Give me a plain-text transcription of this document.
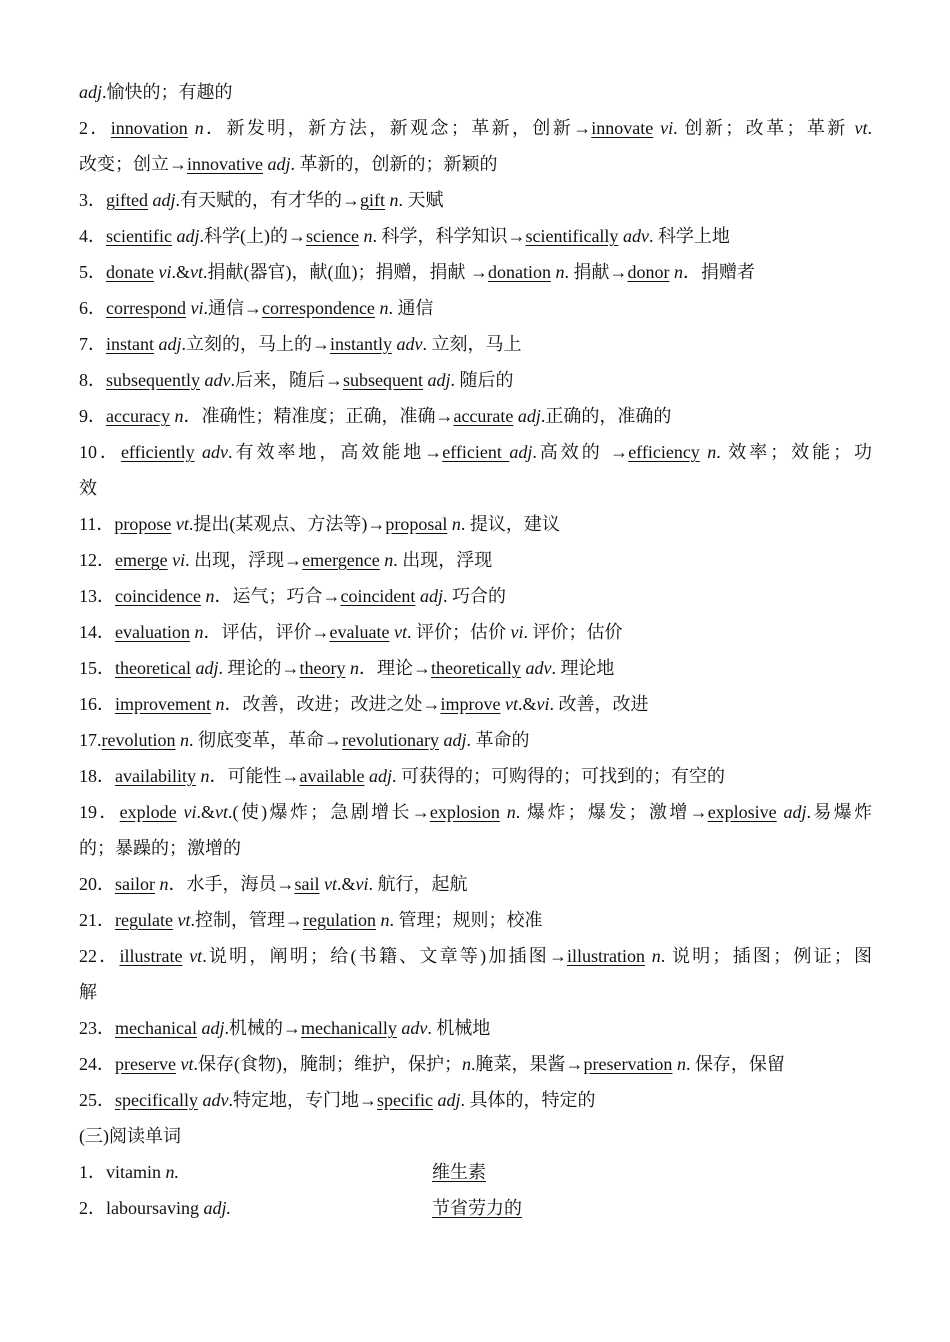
adj.愉快的；有趣的
2．innovation n．新发明，新方法，新观念；革新，创新→innovate vi. 创新；改革；革新 vt.
改变；创立→innovative adj. 革新的，创新的；新颖的
3．gifted adj.有天赋的，有才华的→gift n. 天赋
4．scientific adj.科学(上)的→science n. 科学，科学知识→scientifically adv. 科学上地
5．donate vi.&vt.捐献(器官)，献(血)；捐赠，捐献 →donation n. 捐献→donor n．捐赠者
6．correspond vi.通信→correspondence n. 通信
7．instant adj.立刻的，马上的→instantly adv. 立刻，马上
8．subsequently adv.后来，随后→subsequent adj. 随后的
9．accuracy n．准确性；精准度；正确，准确→accurate adj.正确的，准确的
10．efficiently adv.有效率地，高效能地→efficient adj.高效的 →efficiency n. 效率；效能；功
效
11．propose vt.提出(某观点、方法等)→proposal n. 提议，建议
12．emerge vi. 出现，浮现→emergence n. 出现，浮现
13．coincidence n．运气；巧合→coincident adj. 巧合的
14．evaluation n．评估，评价→evaluate vt. 评价；估价 vi. 评价；估价
15．theoretical adj. 理论的→theory n．理论→theoretically adv. 理论地
16．improvement n．改善，改进；改进之处→improve vt.&vi. 改善，改进
17.revolution n. 彻底变革，革命→revolutionary adj. 革命的
18．availability n．可能性→available adj. 可获得的；可购得的；可找到的；有空的
19．explode vi.&vt.(使)爆炸；急剧增长→explosion n. 爆炸；爆发；激增→explosive adj.易爆炸
的；暴躁的；激增的
20．sailor n．水手，海员→sail vt.&vi. 航行，起航
21．regulate vt.控制，管理→regulation n. 管理；规则；校准
22．illustrate vt.说明，阐明；给(书籍、文章等)加插图→illustration n. 说明；插图；例证；图
解
23．mechanical adj.机械的→mechanically adv. 机械地
24．preserve vt.保存(食物)，腌制；维护，保护；n.腌菜，果酱→preservation n. 保存，保留
25．specifically adv.特定地，专门地→specific adj. 具体的，特定的
(三)阅读单词
1．vitamin n.	维生素
2．laboursaving adj.	节省劳力的
